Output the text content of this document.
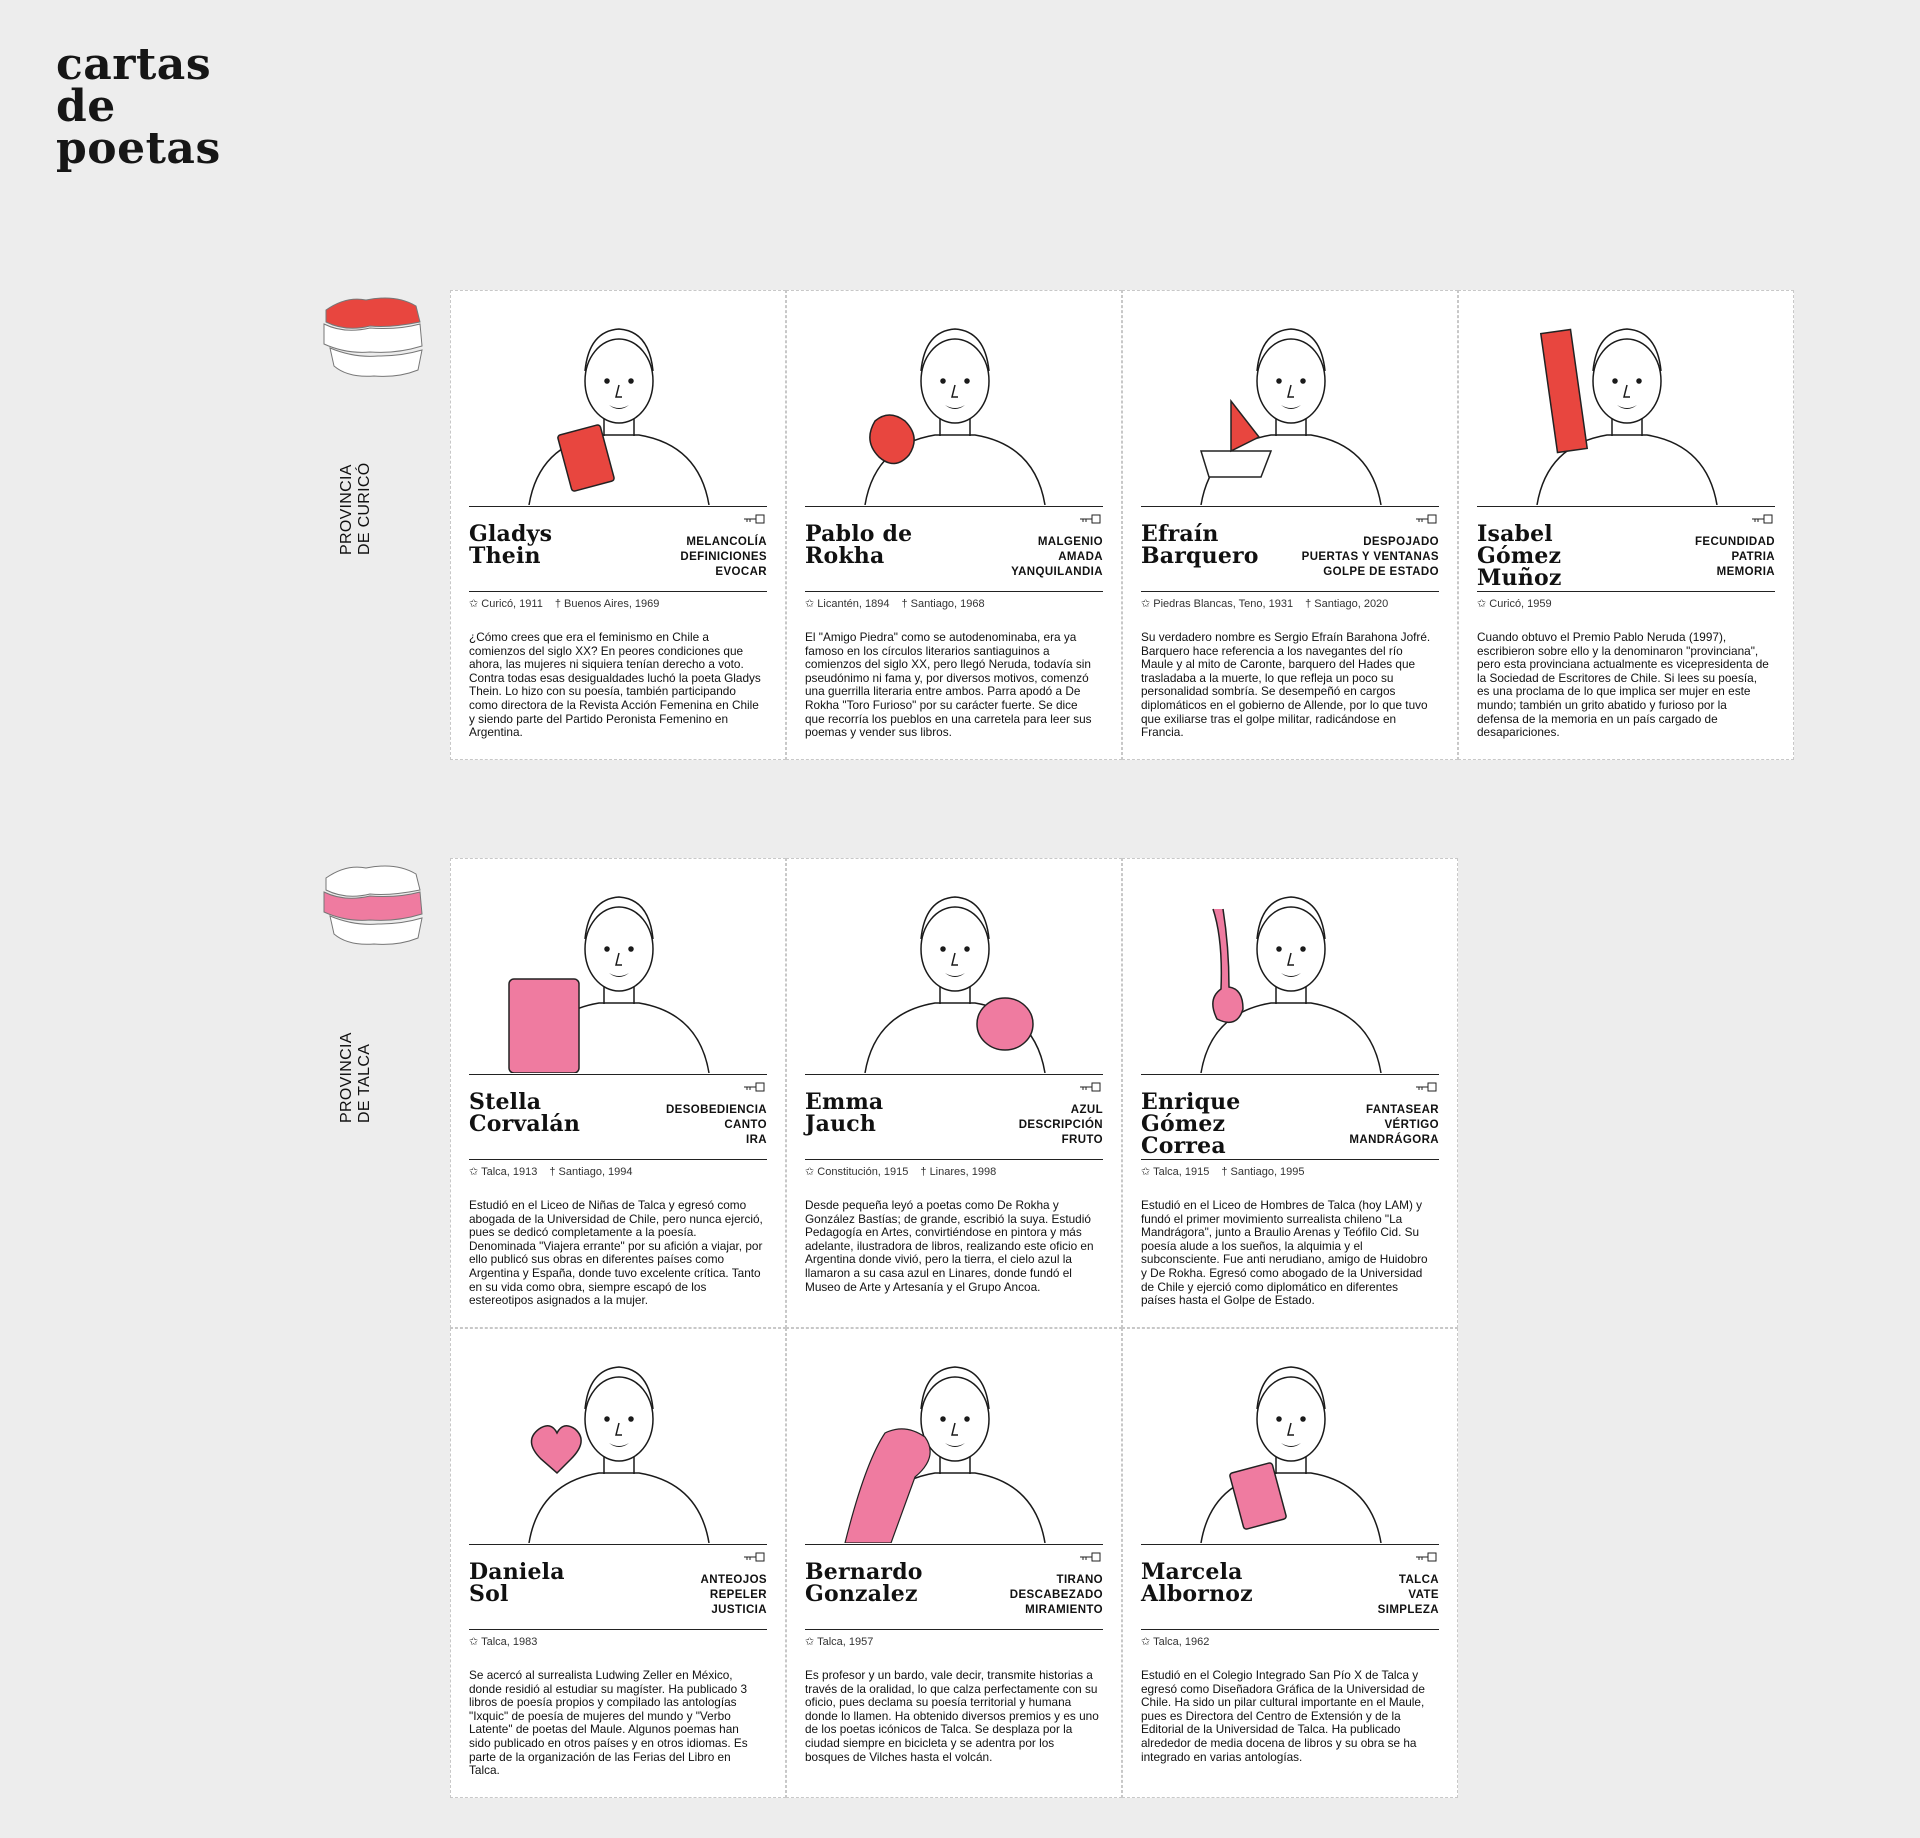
cartas
de
poetas
PROVINCIA DE CURICÓ	Gladys
Thein
MELANCOLÍA
DEFINICIONES
EVOCAR
✩ Curicó, 1911 † Buenos Aires, 1969
¿Cómo crees que era el feminismo en Chile a comienzos del siglo XX? En peores condiciones que ahora, las mujeres ni siquiera tenían derecho a voto. Contra todas esas desigualdades luchó la poeta Gladys Thein. Lo hizo con su poesía, también participando como directora de la Revista Acción Femenina en Chile y siendo parte del Partido Peronista Femenino en Argentina.
Pablo de
Rokha
MALGENIO
AMADA
YANQUILANDIA
✩ Licantén, 1894 † Santiago, 1968
El "Amigo Piedra" como se autodenominaba, era ya famoso en los círculos literarios santiaguinos a comienzos del siglo XX, pero llegó Neruda, todavía sin pseudónimo ni fama y, por diversos motivos, comenzó una guerrilla literaria entre ambos. Parra apodó a De Rokha "Toro Furioso" por su carácter fuerte. Se dice que recorría los pueblos en una carretela para leer sus poemas y vender sus libros.
Efraín
Barquero
DESPOJADO
PUERTAS Y VENTANAS
GOLPE DE ESTADO
✩ Piedras Blancas, Teno, 1931 † Santiago, 2020
Su verdadero nombre es Sergio Efraín Barahona Jofré. Barquero hace referencia a los navegantes del río Maule y al mito de Caronte, barquero del Hades que trasladaba a la muerte, lo que refleja un poco su personalidad sombría. Se desempeñó en cargos diplomáticos en el gobierno de Allende, por lo que tuvo que exiliarse tras el golpe militar, radicándose en Francia.
Isabel
Gómez
Muñoz
FECUNDIDAD
PATRIA
MEMORIA
✩ Curicó, 1959
Cuando obtuvo el Premio Pablo Neruda (1997), escribieron sobre ello y la denominaron "provinciana", pero esta provinciana actualmente es vicepresidenta de la Sociedad de Escritores de Chile. Si lees su poesía, es una proclama de lo que implica ser mujer en este mundo; también un grito abatido y furioso por la defensa de la memoria en un país cargado de desapariciones.
PROVINCIA DE TALCA	Stella
Corvalán
DESOBEDIENCIA
CANTO
IRA
✩ Talca, 1913 † Santiago, 1994
Estudió en el Liceo de Niñas de Talca y egresó como abogada de la Universidad de Chile, pero nunca ejerció, pues se dedicó completamente a la poesía. Denominada "Viajera errante" por su afición a viajar, por ello publicó sus obras en diferentes países como Argentina y España, donde tuvo excelente crítica. Tanto en su vida como obra, siempre escapó de los estereotipos asignados a la mujer.
Emma
Jauch
AZUL
DESCRIPCIÓN
FRUTO
✩ Constitución, 1915 † Linares, 1998
Desde pequeña leyó a poetas como De Rokha y González Bastías; de grande, escribió la suya. Estudió Pedagogía en Artes, convirtiéndose en pintora y más adelante, ilustradora de libros, realizando este oficio en Argentina donde vivió, pero la tierra, el cielo azul la llamaron a su casa azul en Linares, donde fundó el Museo de Arte y Artesanía y el Grupo Ancoa.
Enrique
Gómez
Correa
FANTASEAR
VÉRTIGO
MANDRÁGORA
✩ Talca, 1915 † Santiago, 1995
Estudió en el Liceo de Hombres de Talca (hoy LAM) y fundó el primer movimiento surrealista chileno "La Mandrágora", junto a Braulio Arenas y Teófilo Cid. Su poesía alude a los sueños, la alquimia y el subconsciente. Fue anti nerudiano, amigo de Huidobro y De Rokha. Egresó como abogado de la Universidad de Chile y ejerció como diplomático en diferentes países hasta el Golpe de Estado.
Daniela
Sol
ANTEOJOS
REPELER
JUSTICIA
✩ Talca, 1983
Se acercó al surrealista Ludwing Zeller en México, donde residió al estudiar su magíster. Ha publicado 3 libros de poesía propios y compilado las antologías "Ixquic" de poesía de mujeres del mundo y "Verbo Latente" de poetas del Maule. Algunos poemas han sido publicado en otros países y en otros idiomas. Es parte de la organización de las Ferias del Libro en Talca.
Bernardo
Gonzalez
TIRANO
DESCABEZADO
MIRAMIENTO
✩ Talca, 1957
Es profesor y un bardo, vale decir, transmite historias a través de la oralidad, lo que calza perfectamente con su oficio, pues declama su poesía territorial y humana donde lo llamen. Ha obtenido diversos premios y es uno de los poetas icónicos de Talca. Se desplaza por la ciudad siempre en bicicleta y se adentra por los bosques de Vilches hasta el volcán.
Marcela
Albornoz
TALCA
VATE
SIMPLEZA
✩ Talca, 1962
Estudió en el Colegio Integrado San Pío X de Talca y egresó como Diseñadora Gráfica de la Universidad de Chile. Ha sido un pilar cultural importante en el Maule, pues es Directora del Centro de Extensión y de la Editorial de la Universidad de Talca. Ha publicado alrededor de media docena de libros y su obra se ha integrado en varias antologías.
